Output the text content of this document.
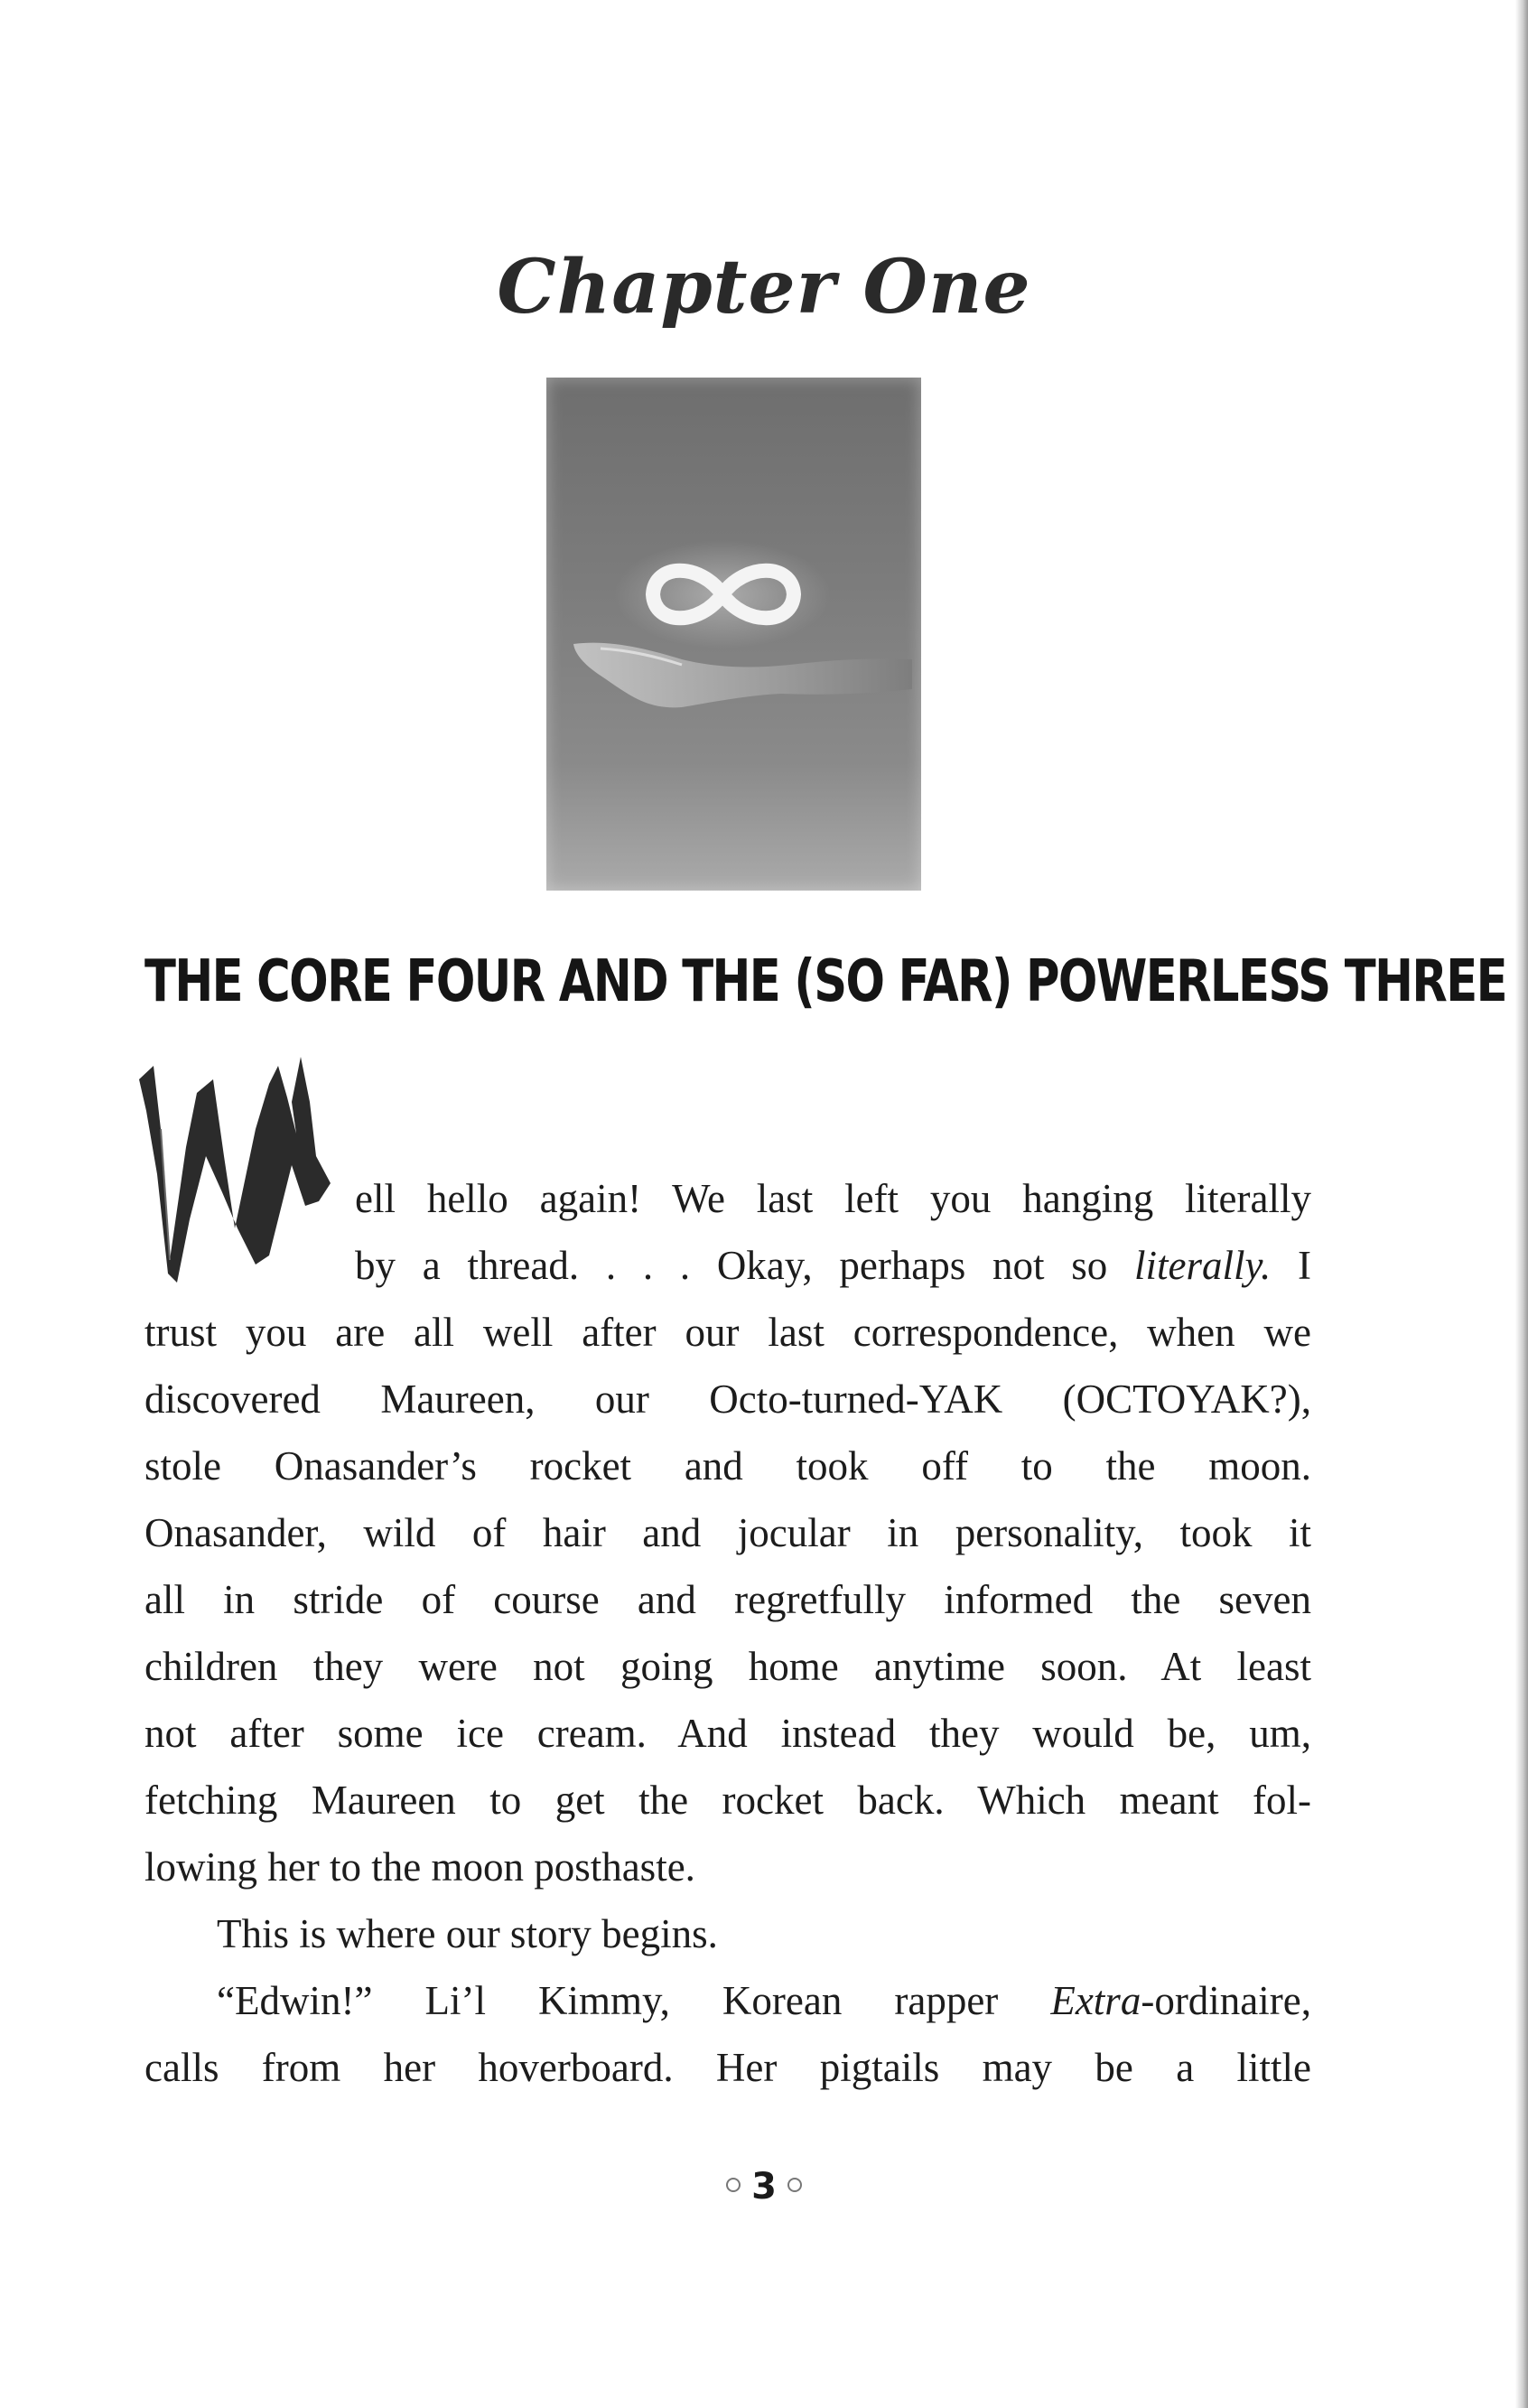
Chapter One
THE CORE FOUR AND THE (SO FAR) POWERLESS THREE
ell hello again! We last left you hanging literally
by a thread. . . . Okay, perhaps not so literally. I
trust you are all well after our last correspondence, when we
discovered Maureen, our Octo-turned-YAK (OCTOYAK?),
stole Onasander’s rocket and took off to the moon.
Onasander, wild of hair and jocular in personality, took it
all in stride of course and regretfully informed the seven
children they were not going home anytime soon. At least
not after some ice cream. And instead they would be, um,
fetching Maureen to get the rocket back. Which meant fol-
lowing her to the moon posthaste.
This is where our story begins.
“Edwin!” Li’l Kimmy, Korean rapper Extra-ordinaire,
calls from her hoverboard. Her pigtails may be a little
3
